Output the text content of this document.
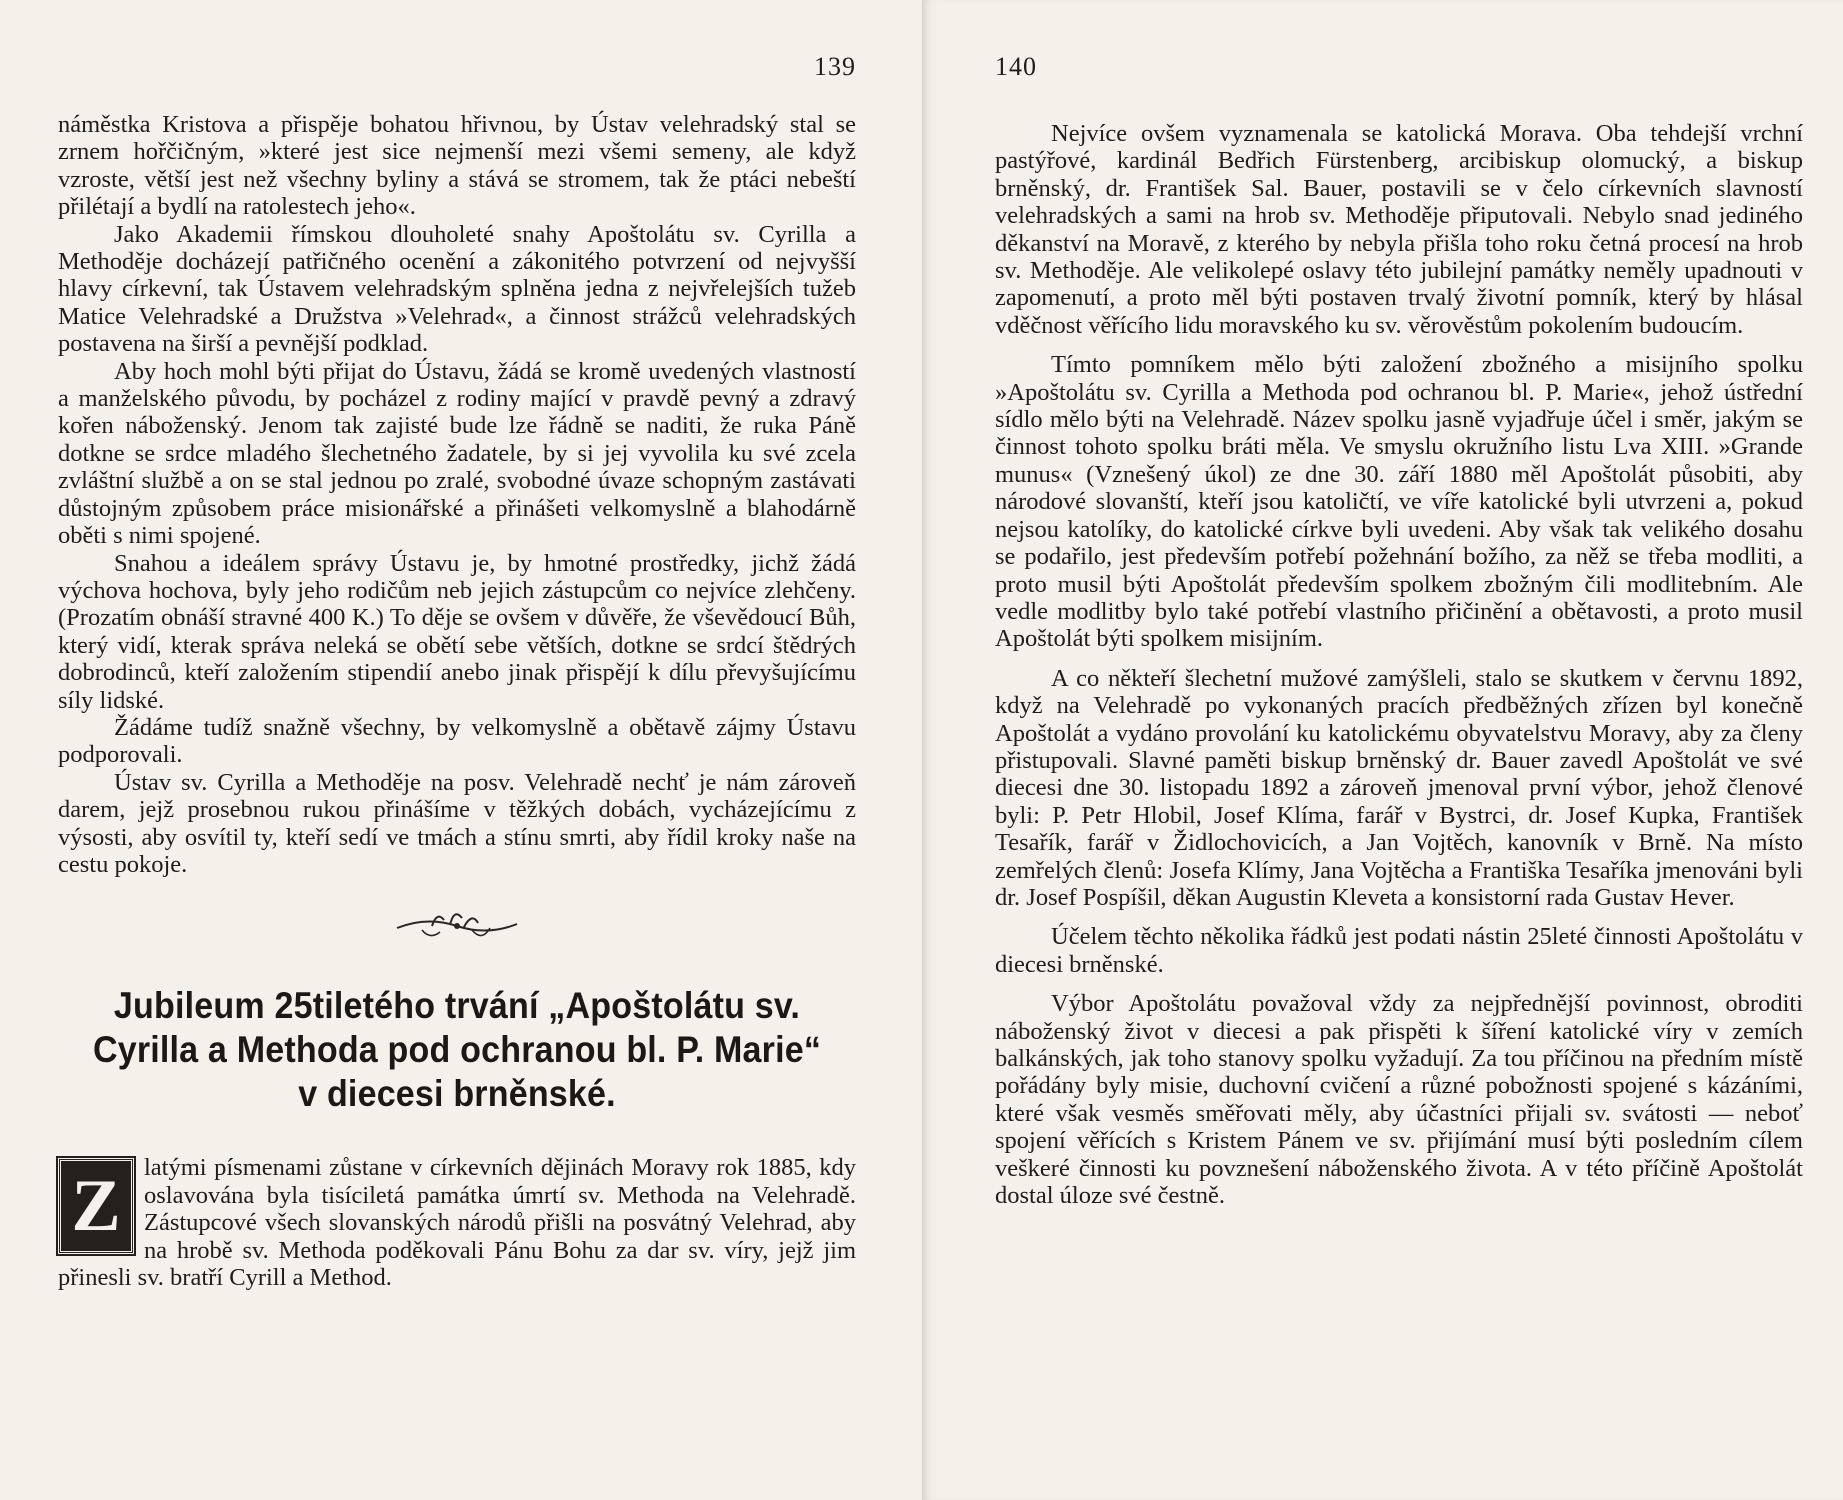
139

náměstka Kristova a přispěje bohatou hřivnou, by Ústav velehradský stal se zrnem hořčičným, »které jest sice nejmenší mezi všemi semeny, ale když vzroste, větší jest než všechny byliny a stává se stromem, tak že ptáci nebeští přilétají a bydlí na ratolestech jeho«.

Jako Akademii římskou dlouholeté snahy Apoštolátu sv. Cyrilla a Methoděje docházejí patřičného ocenění a zákonitého potvrzení od nejvyšší hlavy církevní, tak Ústavem velehradským splněna jedna z nejvřelejších tužeb Matice Velehradské a Družstva »Velehrad«, a činnost strážců velehradských postavena na širší a pevnější podklad.

Aby hoch mohl býti přijat do Ústavu, žádá se kromě uvedených vlastností a manželského původu, by pocházel z rodiny mající v pravdě pevný a zdravý kořen náboženský. Jenom tak zajisté bude lze řádně se naditi, že ruka Páně dotkne se srdce mladého šlechetného žadatele, by si jej vyvolila ku své zcela zvláštní službě a on se stal jednou po zralé, svobodné úvaze schopným zastávati důstojným způsobem práce misionářské a přinášeti velkomyslně a blahodárně oběti s nimi spojené.

Snahou a ideálem správy Ústavu je, by hmotné prostředky, jichž žádá výchova hochova, byly jeho rodičům neb jejich zástupcům co nejvíce zlehčeny. (Prozatím obnáší stravné 400 K.) To děje se ovšem v důvěře, že vševědoucí Bůh, který vidí, kterak správa neleká se obětí sebe větších, dotkne se srdcí štědrých dobrodinců, kteří založením stipendií anebo jinak přispějí k dílu převyšujícímu síly lidské.

Žádáme tudíž snažně všechny, by velkomyslně a obětavě zájmy Ústavu podporovali.

Ústav sv. Cyrilla a Methoděje na posv. Velehradě nechť je nám zároveň darem, jejž prosebnou rukou přinášíme v těžkých dobách, vycházejícímu z výsosti, aby osvítil ty, kteří sedí ve tmách a stínu smrti, aby řídil kroky naše na cestu pokoje.

Jubileum 25tiletého trvání „Apoštolátu sv.
Cyrilla a Methoda pod ochranou bl. P. Marie“
v diecesi brněnské.
Z latými písmenami zůstane v církevních dějinách Moravy rok 1885, kdy oslavována byla tisíciletá památka úmrtí sv. Methoda na Velehradě. Zástupcové všech slovanských národů přišli na posvátný Velehrad, aby na hrobě sv. Methoda poděkovali Pánu Bohu za dar sv. víry, jejž jim přinesli sv. bratří Cyrill a Method.
140

Nejvíce ovšem vyznamenala se katolická Morava. Oba tehdejší vrchní pastýřové, kardinál Bedřich Fürstenberg, arcibiskup olomucký, a biskup brněnský, dr. František Sal. Bauer, postavili se v čelo církevních slavností velehradských a sami na hrob sv. Methoděje připutovali. Nebylo snad jediného děkanství na Moravě, z kterého by nebyla přišla toho roku četná procesí na hrob sv. Methoděje. Ale velikolepé oslavy této jubilejní památky neměly upadnouti v zapomenutí, a proto měl býti postaven trvalý životní pomník, který by hlásal vděčnost věřícího lidu moravského ku sv. věrověstům pokolením budoucím.

Tímto pomníkem mělo býti založení zbožného a misijního spolku »Apoštolátu sv. Cyrilla a Methoda pod ochranou bl. P. Marie«, jehož ústřední sídlo mělo býti na Velehradě. Název spolku jasně vyjadřuje účel i směr, jakým se činnost tohoto spolku bráti měla. Ve smyslu okružního listu Lva XIII. »Grande munus« (Vznešený úkol) ze dne 30. září 1880 měl Apoštolát působiti, aby národové slovanští, kteří jsou katoličtí, ve víře katolické byli utvrzeni a, pokud nejsou katolíky, do katolické církve byli uvedeni. Aby však tak velikého dosahu se podařilo, jest především potřebí požehnání božího, za něž se třeba modliti, a proto musil býti Apoštolát především spolkem zbožným čili modlitebním. Ale vedle modlitby bylo také potřebí vlastního přičinění a obětavosti, a proto musil Apoštolát býti spolkem misijním.

A co někteří šlechetní mužové zamýšleli, stalo se skutkem v červnu 1892, když na Velehradě po vykonaných pracích předběžných zřízen byl konečně Apoštolát a vydáno provolání ku katolickému obyvatelstvu Moravy, aby za členy přistupovali. Slavné paměti biskup brněnský dr. Bauer zavedl Apoštolát ve své diecesi dne 30. listopadu 1892 a zároveň jmenoval první výbor, jehož členové byli: P. Petr Hlobil, Josef Klíma, farář v Bystrci, dr. Josef Kupka, František Tesařík, farář v Židlochovicích, a Jan Vojtěch, kanovník v Brně. Na místo zemřelých členů: Josefa Klímy, Jana Vojtěcha a Františka Tesaříka jmenováni byli dr. Josef Pospíšil, děkan Augustin Kleveta a konsistorní rada Gustav Hever.

Účelem těchto několika řádků jest podati nástin 25leté činnosti Apoštolátu v diecesi brněnské.

Výbor Apoštolátu považoval vždy za nejpřednější povinnost, obroditi náboženský život v diecesi a pak přispěti k šíření katolické víry v zemích balkánských, jak toho stanovy spolku vyžadují. Za tou příčinou na předním místě pořádány byly misie, duchovní cvičení a různé pobožnosti spojené s kázáními, které však vesměs směřovati měly, aby účastníci přijali sv. svátosti — neboť spojení věřících s Kristem Pánem ve sv. přijímání musí býti posledním cílem veškeré činnosti ku povznešení náboženského života. A v této příčině Apoštolát dostal úloze své čestně.
